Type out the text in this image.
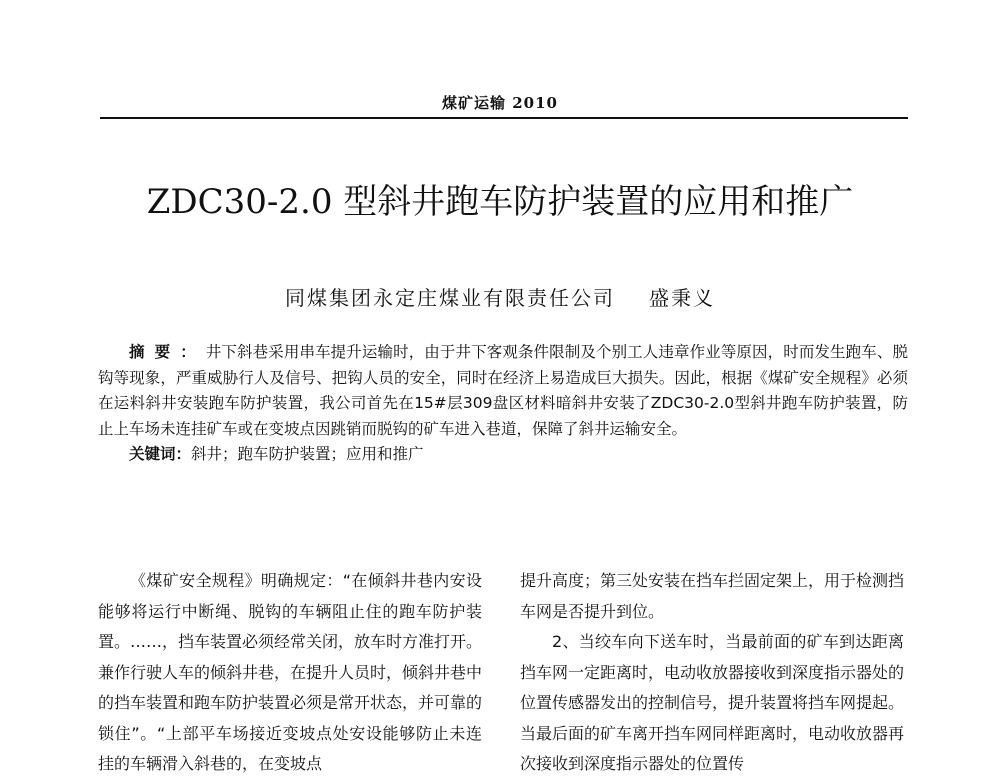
煤矿运输 2010
ZDC30-2.0 型斜井跑车防护装置的应用和推广
同煤集团永定庄煤业有限责任公司 盛秉义

摘要：井下斜巷采用串车提升运输时，由于井下客观条件限制及个别工人违章作业等原因，时而发生跑车、脱钩等现象，严重威胁行人及信号、把钩人员的安全，同时在经济上易造成巨大损失。因此，根据《煤矿安全规程》必须在运料斜井安装跑车防护装置，我公司首先在15#层309盘区材料暗斜井安装了ZDC30-2.0型斜井跑车防护装置，防止上车场未连挂矿车或在变坡点因跳销而脱钩的矿车进入巷道，保障了斜井运输安全。

关键词：斜井；跑车防护装置；应用和推广

《煤矿安全规程》明确规定：“在倾斜井巷内安设能够将运行中断绳、脱钩的车辆阻止住的跑车防护装置。……，挡车装置必须经常关闭，放车时方准打开。兼作行驶人车的倾斜井巷，在提升人员时，倾斜井巷中的挡车装置和跑车防护装置必须是常开状态，并可靠的锁住”。“上部平车场接近变坡点处安设能够防止未连挂的车辆滑入斜巷的，在变坡点

提升高度；第三处安装在挡车拦固定架上，用于检测挡车网是否提升到位。

2、当绞车向下送车时，当最前面的矿车到达距离挡车网一定距离时，电动收放器接收到深度指示器处的位置传感器发出的控制信号，提升装置将挡车网提起。当最后面的矿车离开挡车网同样距离时，电动收放器再次接收到深度指示器处的位置传
